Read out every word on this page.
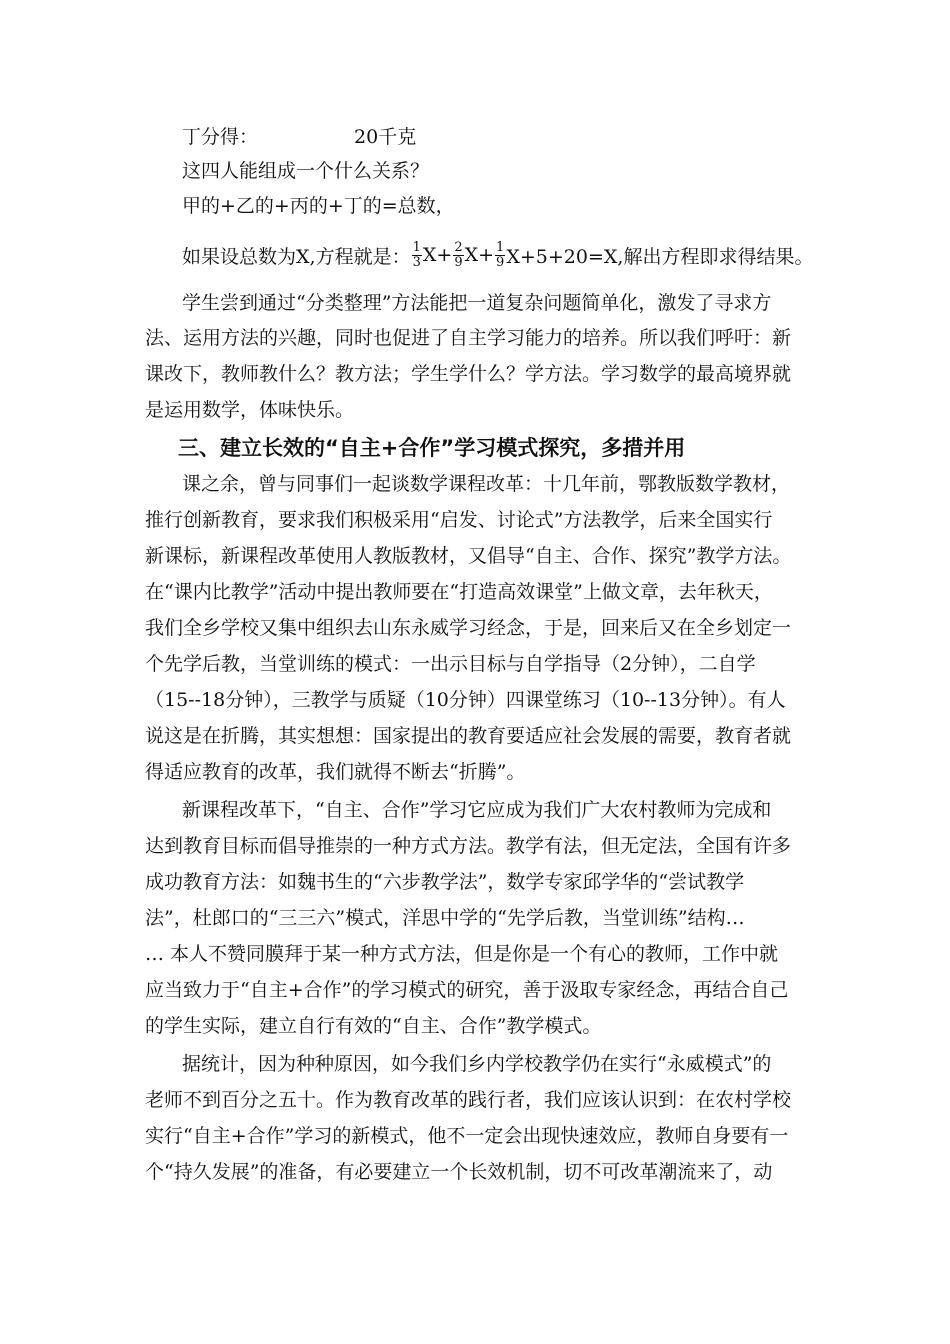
丁分得：	20千克
这四人能组成一个什么关系？
甲的+乙的+丙的+丁的=总数，
如果设总数为X,方程就是： $\frac{1}{3} X+ \frac{2}{9} X+ \frac{1}{9} X+5+20=X$,解出方程即求得结果。
学生尝到通过“分类整理”方法能把一道复杂问题简单化，激发了寻求方
法、运用方法的兴趣，同时也促进了自主学习能力的培养。所以我们呼吁：新
课改下，教师教什么？教方法；学生学什么？学方法。学习数学的最高境界就
是运用数学，体味快乐。
三、建立长效的“自主+合作”学习模式探究，多措并用
课之余，曾与同事们一起谈数学课程改革：十几年前，鄂教版数学教材，
推行创新教育，要求我们积极采用“启发、讨论式”方法教学，后来全国实行
新课标，新课程改革使用人教版教材，又倡导“自主、合作、探究”教学方法。
在“课内比教学”活动中提出教师要在“打造高效课堂”上做文章，去年秋天，
我们全乡学校又集中组织去山东永威学习经念，于是，回来后又在全乡划定一
个先学后教，当堂训练的模式：一出示目标与自学指导（2分钟），二自学
（15--18分钟），三教学与质疑（10分钟）四课堂练习（10--13分钟）。有人
说这是在折腾，其实想想：国家提出的教育要适应社会发展的需要，教育者就
得适应教育的改革，我们就得不断去“折腾”。
新课程改革下，“自主、合作”学习它应成为我们广大农村教师为完成和
达到教育目标而倡导推崇的一种方式方法。教学有法，但无定法，全国有许多
成功教育方法：如魏书生的“六步教学法”，数学专家邱学华的“尝试教学
法”，杜郎口的“三三六”模式，洋思中学的“先学后教，当堂训练”结构…
… 本人不赞同膜拜于某一种方式方法，但是你是一个有心的教师，工作中就
应当致力于“自主+合作”的学习模式的研究，善于汲取专家经念，再结合自己
的学生实际，建立自行有效的“自主、合作”教学模式。
据统计，因为种种原因，如今我们乡内学校教学仍在实行“永威模式”的
老师不到百分之五十。作为教育改革的践行者，我们应该认识到：在农村学校
实行“自主+合作”学习的新模式，他不一定会出现快速效应，教师自身要有一
个“持久发展”的准备，有必要建立一个长效机制，切不可改革潮流来了，动
